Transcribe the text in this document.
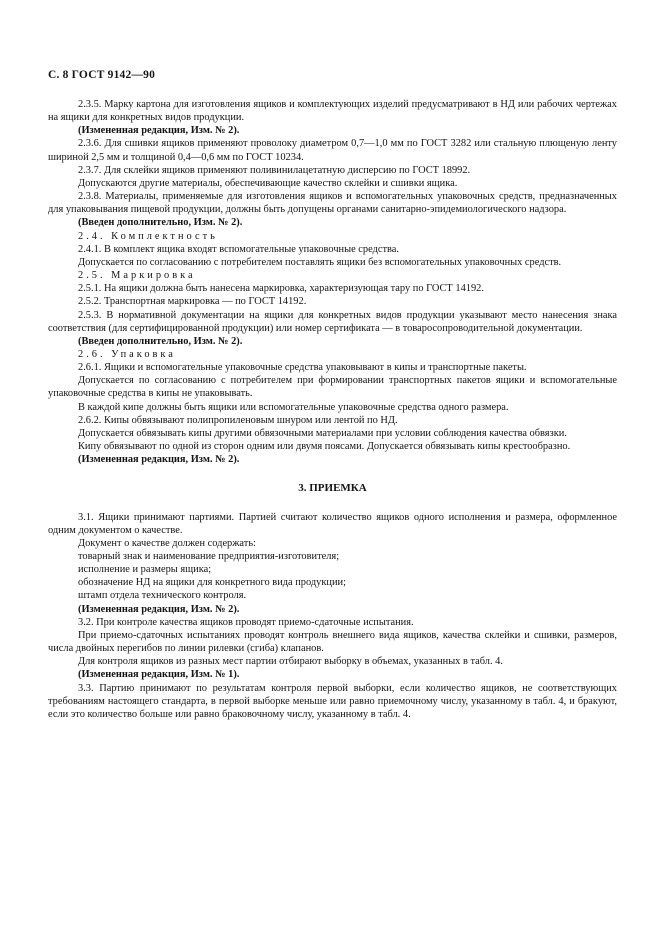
С. 8 ГОСТ 9142—90

2.3.5. Марку картона для изготовления ящиков и комплектующих изделий предусматривают в НД или рабочих чертежах на ящики для конкретных видов продукции.

(Измененная редакция, Изм. № 2).

2.3.6. Для сшивки ящиков применяют проволоку диаметром 0,7—1,0 мм по ГОСТ 3282 или стальную плющеную ленту шириной 2,5 мм и толщиной 0,4—0,6 мм по ГОСТ 10234.

2.3.7. Для склейки ящиков применяют поливинилацетатную дисперсию по ГОСТ 18992.

Допускаются другие материалы, обеспечивающие качество склейки и сшивки ящика.

2.3.8. Материалы, применяемые для изготовления ящиков и вспомогательных упаковочных средств, предназначенных для упаковывания пищевой продукции, должны быть допущены органами санитарно-эпидемиологического надзора.

(Введен дополнительно, Изм. № 2).

2.4. Комплектность

2.4.1. В комплект ящика входят вспомогательные упаковочные средства.

Допускается по согласованию с потребителем поставлять ящики без вспомогательных упаковочных средств.

2.5. Маркировка

2.5.1. На ящики должна быть нанесена маркировка, характеризующая тару по ГОСТ 14192.

2.5.2. Транспортная маркировка — по ГОСТ 14192.

2.5.3. В нормативной документации на ящики для конкретных видов продукции указывают место нанесения знака соответствия (для сертифицированной продукции) или номер сертификата — в товаросопроводительной документации.

(Введен дополнительно, Изм. № 2).

2.6. Упаковка

2.6.1. Ящики и вспомогательные упаковочные средства упаковывают в кипы и транспортные пакеты.

Допускается по согласованию с потребителем при формировании транспортных пакетов ящики и вспомогательные упаковочные средства в кипы не упаковывать.

В каждой кипе должны быть ящики или вспомогательные упаковочные средства одного размера.

2.6.2. Кипы обвязывают полипропиленовым шнуром или лентой по НД.

Допускается обвязывать кипы другими обвязочными материалами при условии соблюдения качества обвязки.

Кипу обвязывают по одной из сторон одним или двумя поясами. Допускается обвязывать кипы крестообразно.

(Измененная редакция, Изм. № 2).

3. ПРИЕМКА

3.1. Ящики принимают партиями. Партией считают количество ящиков одного исполнения и размера, оформленное одним документом о качестве.

Документ о качестве должен содержать:

товарный знак и наименование предприятия-изготовителя;

исполнение и размеры ящика;

обозначение НД на ящики для конкретного вида продукции;

штамп отдела технического контроля.

(Измененная редакция, Изм. № 2).

3.2. При контроле качества ящиков проводят приемо-сдаточные испытания.

При приемо-сдаточных испытаниях проводят контроль внешнего вида ящиков, качества склейки и сшивки, размеров, числа двойных перегибов по линии рилевки (сгиба) клапанов.

Для контроля ящиков из разных мест партии отбирают выборку в объемах, указанных в табл. 4.

(Измененная редакция, Изм. № 1).

3.3. Партию принимают по результатам контроля первой выборки, если количество ящиков, не соответствующих требованиям настоящего стандарта, в первой выборке меньше или равно приемочному числу, указанному в табл. 4, и бракуют, если это количество больше или равно браковочному числу, указанному в табл. 4.
